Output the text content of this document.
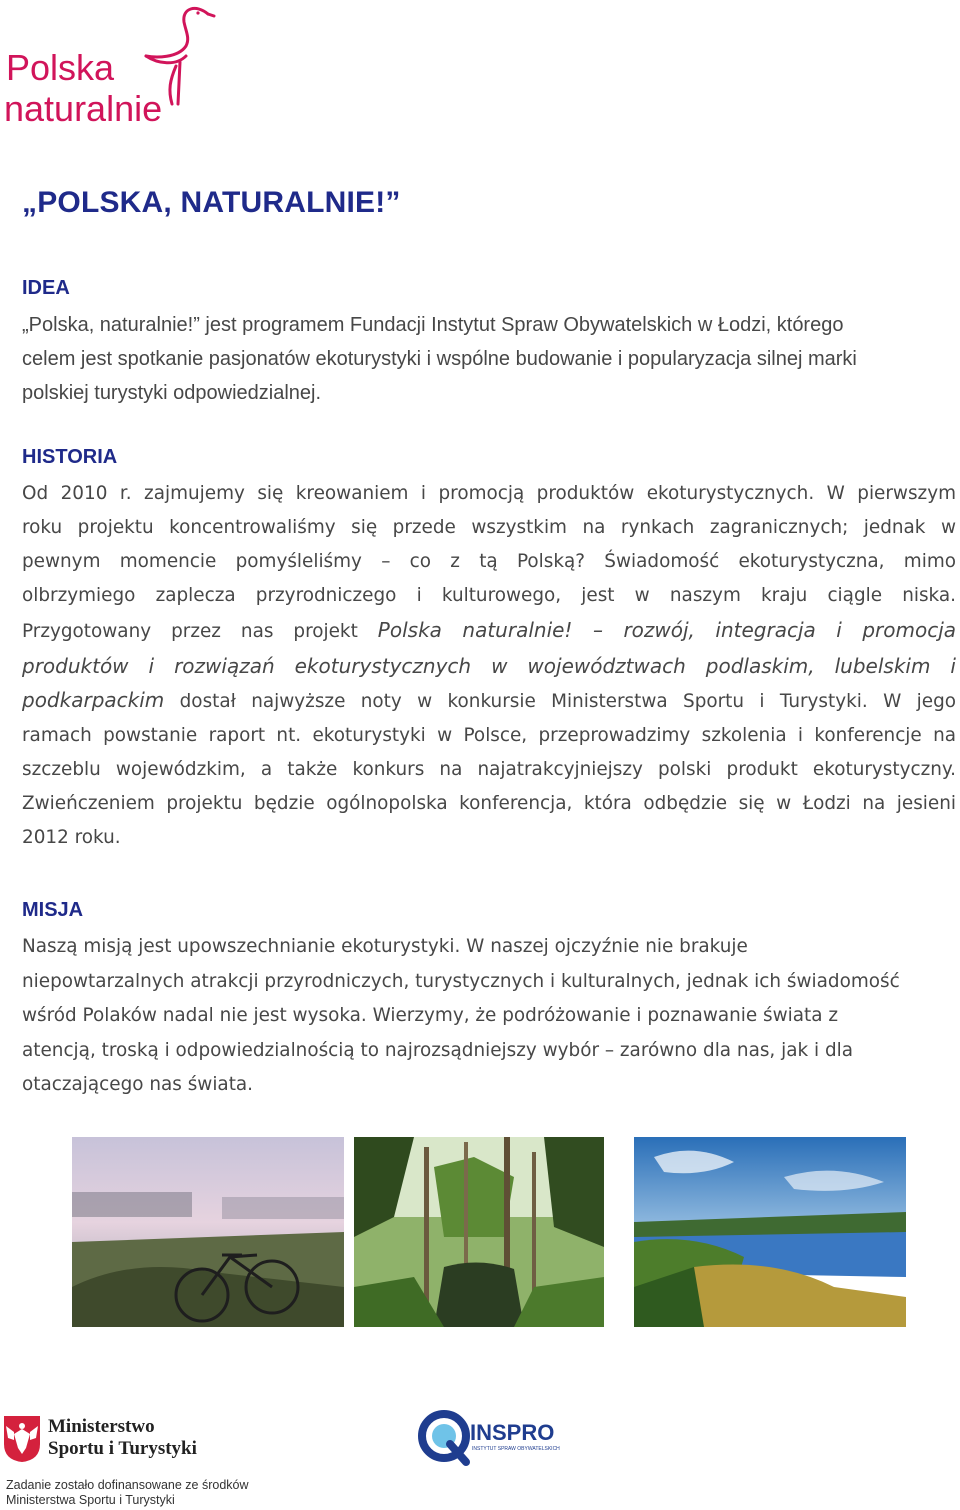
Polska
naturalnie
„POLSKA, NATURALNIE!”
IDEA
„Polska, naturalnie!” jest programem Fundacji Instytut Spraw Obywatelskich w Łodzi, którego
celem jest spotkanie pasjonatów ekoturystyki i wspólne budowanie i popularyzacja silnej marki
polskiej turystyki odpowiedzialnej.
HISTORIA
Od 2010 r. zajmujemy się kreowaniem i promocją produktów ekoturystycznych. W pierwszym
roku projektu koncentrowaliśmy się przede wszystkim na rynkach zagranicznych; jednak w
pewnym momencie pomyśleliśmy – co z tą Polską? Świadomość ekoturystyczna, mimo
olbrzymiego zaplecza przyrodniczego i kulturowego, jest w naszym kraju ciągle niska.
Przygotowany przez nas projekt Polska naturalnie! – rozwój, integracja i promocja
produktów i rozwiązań ekoturystycznych w województwach podlaskim, lubelskim i
podkarpackim dostał najwyższe noty w konkursie Ministerstwa Sportu i Turystyki. W jego
ramach powstanie raport nt. ekoturystyki w Polsce, przeprowadzimy szkolenia i konferencje na
szczeblu wojewódzkim, a także konkurs na najatrakcyjniejszy polski produkt ekoturystyczny.
Zwieńczeniem projektu będzie ogólnopolska konferencja, która odbędzie się w Łodzi na jesieni
2012 roku.
MISJA
Naszą misją jest upowszechnianie ekoturystyki. W naszej ojczyźnie nie brakuje
niepowtarzalnych atrakcji przyrodniczych, turystycznych i kulturalnych, jednak ich świadomość
wśród Polaków nadal nie jest wysoka. Wierzymy, że podróżowanie i poznawanie świata z
atencją, troską i odpowiedzialnością to najrozsądniejszy wybór – zarówno dla nas, jak i dla
otaczającego nas świata.
Ministerstwo
Sportu i Turystyki
Zadanie zostało dofinansowane ze środków
Ministerstwa Sportu i Turystyki
INSPRO
INSTYTUT SPRAW OBYWATELSKICH
